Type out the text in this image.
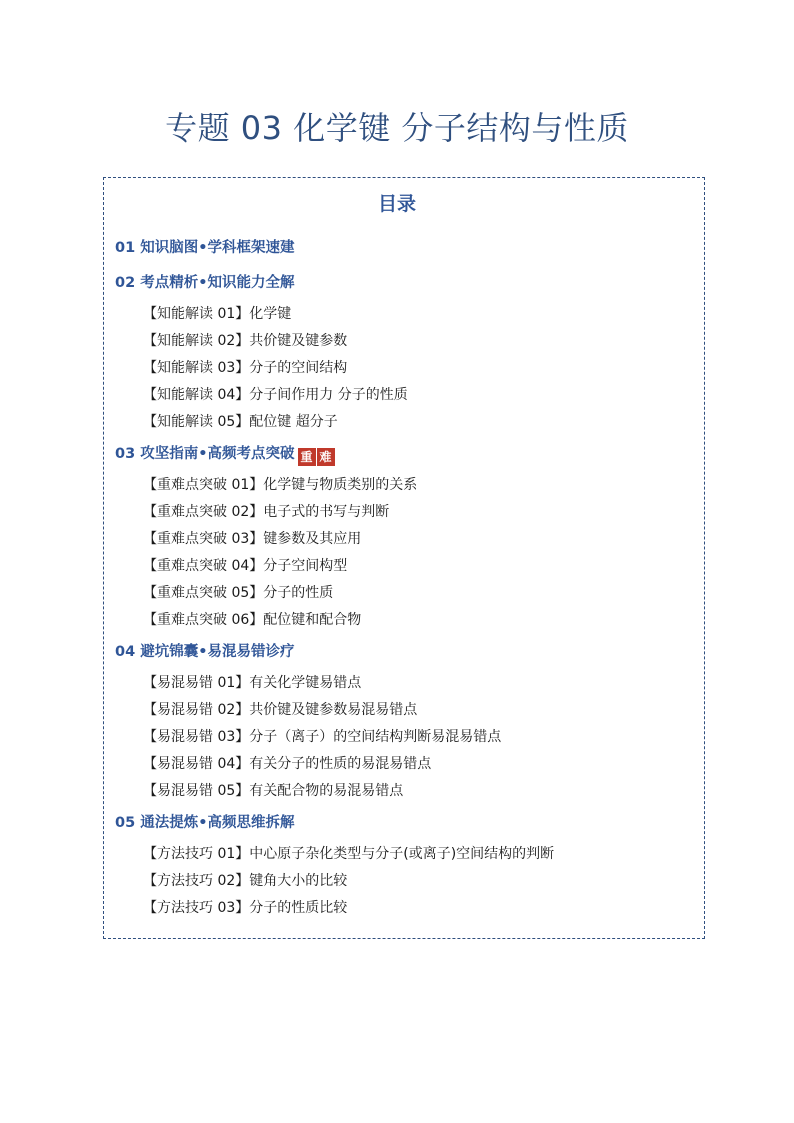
专题 03 化学键 分子结构与性质
目录
01 知识脑图•学科框架速建
02 考点精析•知识能力全解
【知能解读 01】化学键
【知能解读 02】共价键及键参数
【知能解读 03】分子的空间结构
【知能解读 04】分子间作用力 分子的性质
【知能解读 05】配位键 超分子
03 攻坚指南•高频考点突破 重 难
【重难点突破 01】化学键与物质类别的关系
【重难点突破 02】电子式的书写与判断
【重难点突破 03】键参数及其应用
【重难点突破 04】分子空间构型
【重难点突破 05】分子的性质
【重难点突破 06】配位键和配合物
04 避坑锦囊•易混易错诊疗
【易混易错 01】有关化学键易错点
【易混易错 02】共价键及键参数易混易错点
【易混易错 03】分子（离子）的空间结构判断易混易错点
【易混易错 04】有关分子的性质的易混易错点
【易混易错 05】有关配合物的易混易错点
05 通法提炼•高频思维拆解
【方法技巧 01】中心原子杂化类型与分子(或离子)空间结构的判断
【方法技巧 02】键角大小的比较
【方法技巧 03】分子的性质比较
